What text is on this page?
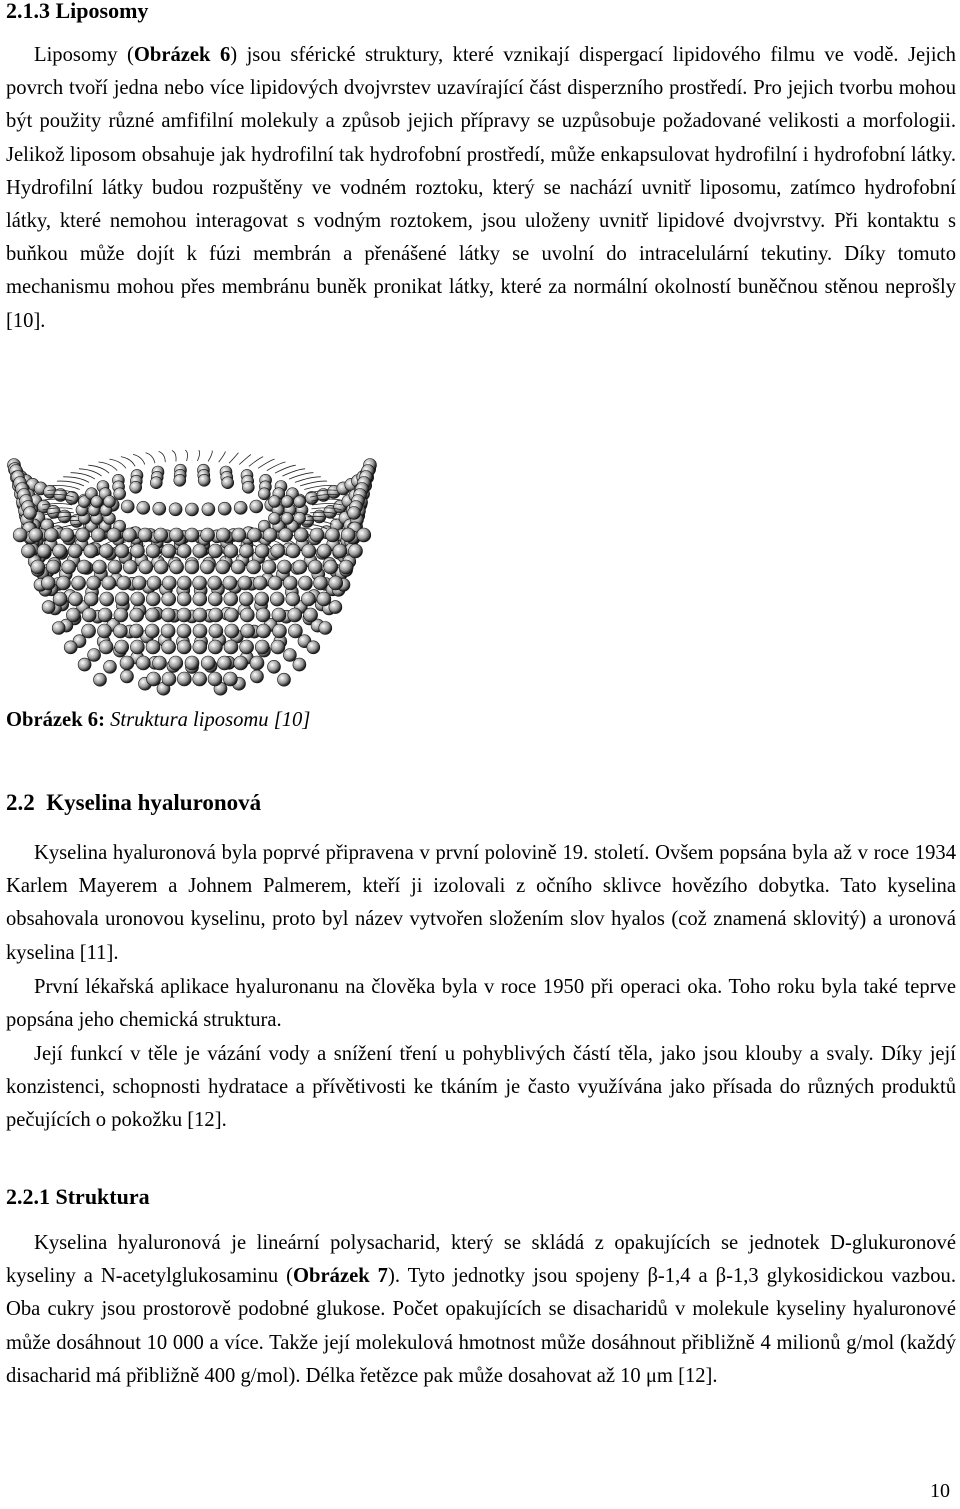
2.1.3 Liposomy

Liposomy (Obrázek 6) jsou sférické struktury, které vznikají dispergací lipidového filmu ve vodě. Jejich povrch tvoří jedna nebo více lipidových dvojvrstev uzavírající část disperzního prostředí. Pro jejich tvorbu mohou být použity různé amfifilní molekuly a způsob jejich přípravy se uzpůsobuje požadované velikosti a morfologii. Jelikož liposom obsahuje jak hydrofilní tak hydrofobní prostředí, může enkapsulovat hydrofilní i hydrofobní látky. Hydrofilní látky budou rozpuštěny ve vodném roztoku, který se nachází uvnitř liposomu, zatímco hydrofobní látky, které nemohou interagovat s vodným roztokem, jsou uloženy uvnitř lipidové dvojvrstvy. Při kontaktu s buňkou může dojít k fúzi membrán a přenášené látky se uvolní do intracelulární tekutiny. Díky tomuto mechanismu mohou přes membránu buněk pronikat látky, které za normální okolností buněčnou stěnou neprošly [10].

Obrázek 6: Struktura liposomu [10]

2.2  Kyselina hyaluronová

Kyselina hyaluronová byla poprvé připravena v první polovině 19. století. Ovšem popsána byla až v roce 1934 Karlem Mayerem a Johnem Palmerem, kteří ji izolovali z očního sklivce hovězího dobytka. Tato kyselina obsahovala uronovou kyselinu, proto byl název vytvořen složením slov hyalos (což znamená sklovitý) a uronová kyselina [11].

První lékařská aplikace hyaluronanu na člověka byla v roce 1950 při operaci oka. Toho roku byla také teprve popsána jeho chemická struktura.

Její funkcí v těle je vázání vody a snížení tření u pohyblivých částí těla, jako jsou klouby a svaly. Díky její konzistenci, schopnosti hydratace a přívětivosti ke tkáním je často využívána jako přísada do různých produktů pečujících o pokožku [12].

2.2.1 Struktura

Kyselina hyaluronová je lineární polysacharid, který se skládá z opakujících se jednotek D-glukuronové kyseliny a N-acetylglukosaminu (Obrázek 7). Tyto jednotky jsou spojeny β-1,4 a β-1,3 glykosidickou vazbou. Oba cukry jsou prostorově podobné glukose. Počet opakujících se disacharidů v molekule kyseliny hyaluronové může dosáhnout 10 000 a více. Takže její molekulová hmotnost může dosáhnout přibližně 4 milionů g/mol (každý disacharid má přibližně 400 g/mol). Délka řetězce pak může dosahovat až 10 μm [12].

10
